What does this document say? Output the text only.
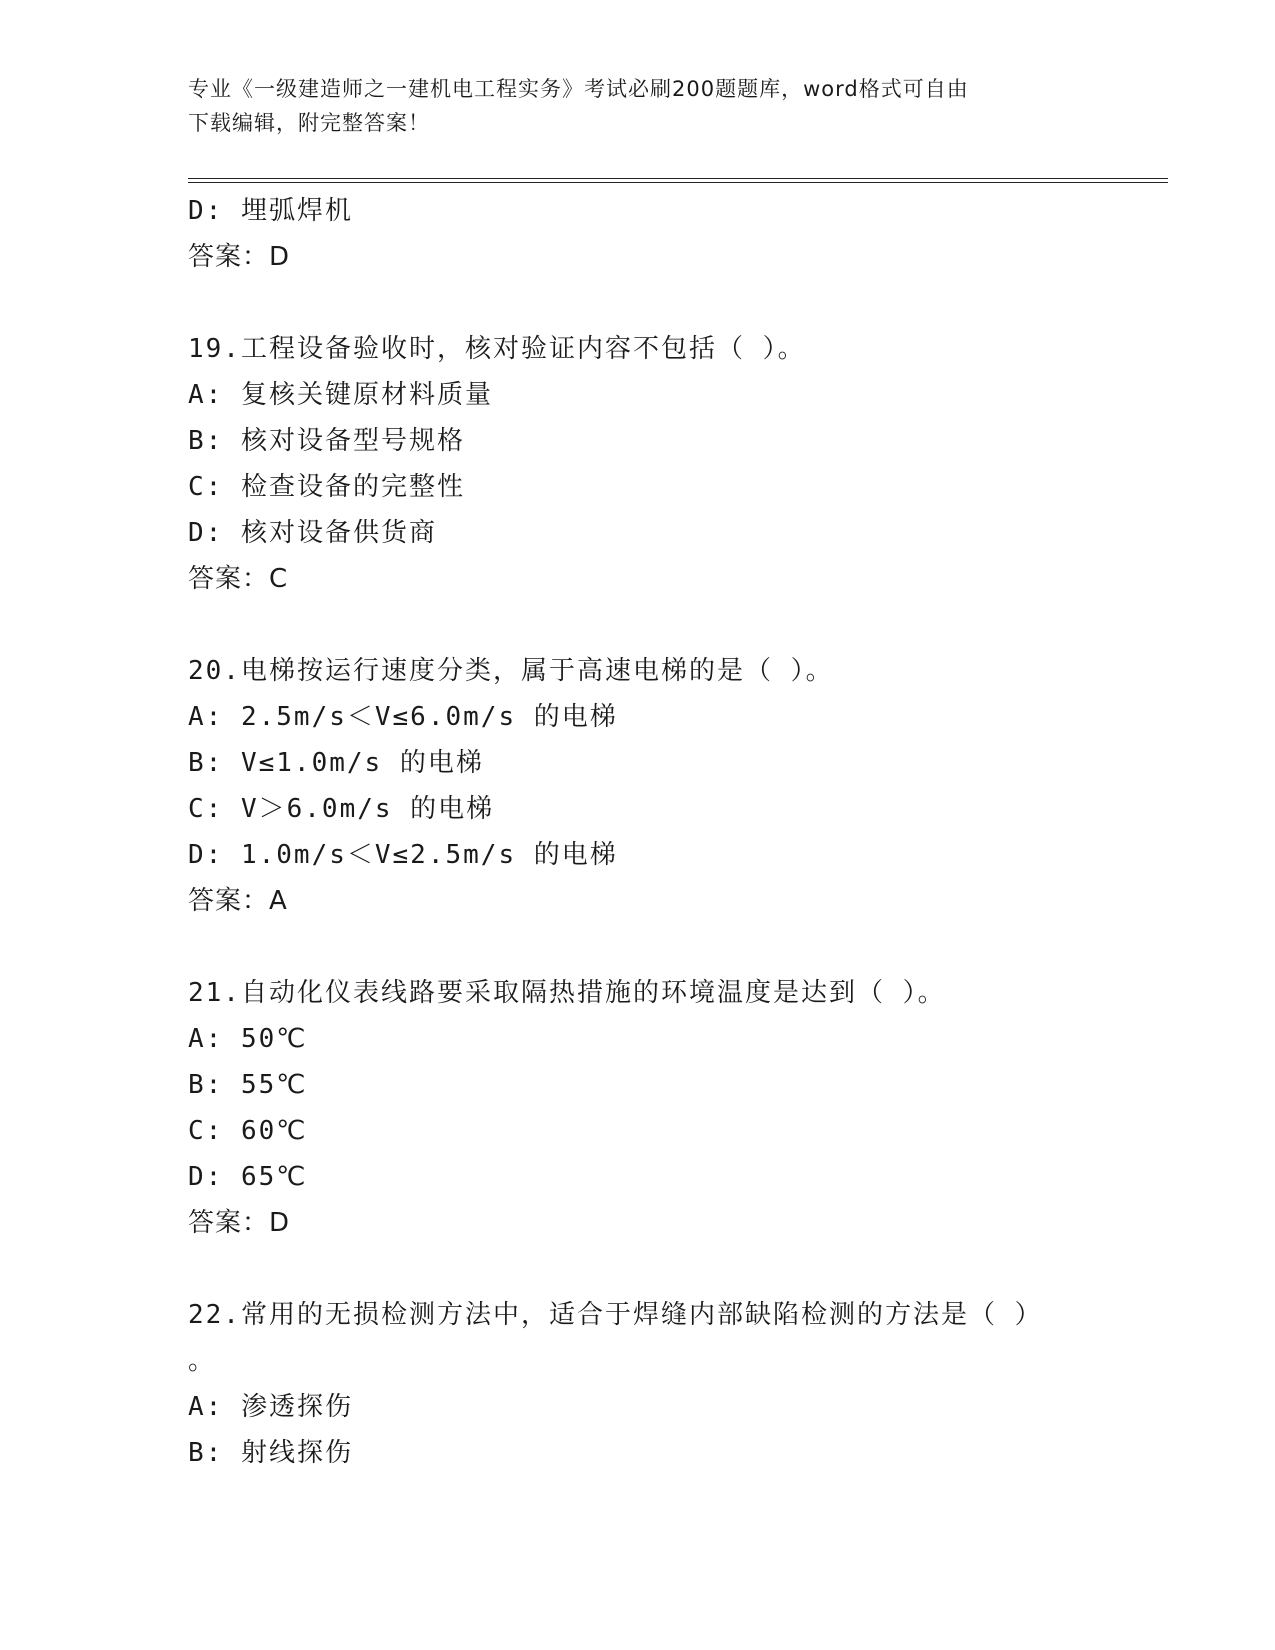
专业《一级建造师之一建机电工程实务》考试必刷200题题库，word格式可自由
下载编辑，附完整答案！
D: 埋弧焊机
答案：D
19.工程设备验收时，核对验证内容不包括（ ）。
A: 复核关键原材料质量
B: 核对设备型号规格
C: 检查设备的完整性
D: 核对设备供货商
答案：C
20.电梯按运行速度分类，属于高速电梯的是（ ）。
A: 2.5m/s＜V≤6.0m/s 的电梯
B: V≤1.0m/s 的电梯
C: V＞6.0m/s 的电梯
D: 1.0m/s＜V≤2.5m/s 的电梯
答案：A
21.自动化仪表线路要采取隔热措施的环境温度是达到（ ）。
A: 50℃
B: 55℃
C: 60℃
D: 65℃
答案：D
22.常用的无损检测方法中，适合于焊缝内部缺陷检测的方法是（ ）
。
A: 渗透探伤
B: 射线探伤
